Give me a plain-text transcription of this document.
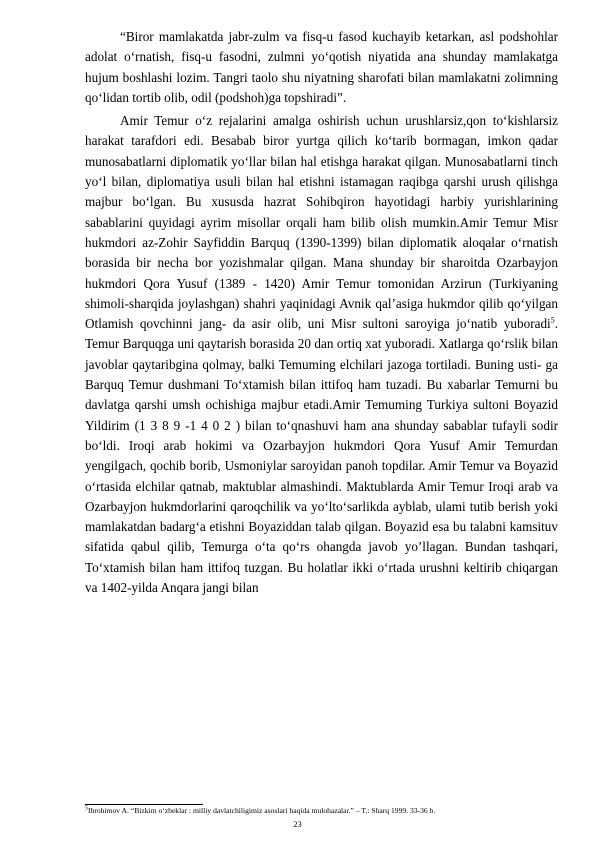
“Biror mamlakatda jabr-zulm va fisq-u fasod kuchayib ketarkan, asl podshohlar adolat o‘rnatish, fisq-u fasodni, zulmni yo‘qotish niyatida ana shunday mamlakatga hujum boshlashi lozim. Tangri taolo shu niyatning sharofati bilan mamlakatni zolimning qo‘lidan tortib olib, odil (podshoh)ga topshiradi”.

Amir Temur o‘z rejalarini amalga oshirish uchun urushlarsiz,qon to‘kishlarsiz harakat tarafdori edi. Besabab biror yurtga qilich ko‘tarib bormagan, imkon qadar munosabatlarni diplomatik yo‘llar bilan hal etishga harakat qilgan. Munosabatlarni tinch yo‘l bilan, diplomatiya usuli bilan hal etishni istamagan raqibga qarshi urush qilishga majbur bo‘lgan. Bu xususda hazrat Sohibqiron hayotidagi harbiy yurishlarining sabablarini quyidagi ayrim misollar orqali ham bilib olish mumkin.Amir Temur Misr hukmdori az-Zohir Sayfiddin Barquq (1390-1399) bilan diplomatik aloqalar o‘rnatish borasida bir necha bor yozishmalar qilgan. Mana shunday bir sharoitda Ozarbayjon hukmdori Qora Yusuf (1389 - 1420) Amir Temur tomonidan Arzirun (Turkiyaning shimoli-sharqida joylashgan) shahri yaqinidagi Avnik qal’asiga hukmdor qilib qo‘yilgan Otlamish qovchinni jang- da asir olib, uni Misr sultoni saroyiga jo‘natib yuboradi$^5$. Temur Barquqga uni qaytarish borasida 20 dan ortiq xat yuboradi. Xatlarga qo‘rslik bilan javoblar qaytaribgina qolmay, balki Temuming elchilari jazoga tortiladi. Buning usti- ga Barquq Temur dushmani To‘xtamish bilan ittifoq ham tuzadi. Bu xabarlar Temurni bu davlatga qarshi umsh ochishiga majbur etadi.Amir Temuming Turkiya sultoni Boyazid Yildirim (1 3 8 9 -1 4 0 2 ) bilan to‘qnashuvi ham ana shunday sabablar tufayli sodir bo‘ldi. Iroqi arab hokimi va Ozarbayjon hukmdori Qora Yusuf Amir Temurdan yengilgach, qochib borib, Usmoniylar saroyidan panoh topdilar. Amir Temur va Boyazid o‘rtasida elchilar qatnab, maktublar almashindi. Maktublarda Amir Temur Iroqi arab va Ozarbayjon hukmdorlarini qaroqchilik va yo‘lto‘sarlikda ayblab, ulami tutib berish yoki mamlakatdan badarg‘a etishni Boyaziddan talab qilgan. Boyazid esa bu talabni kamsituv sifatida qabul qilib, Temurga o‘ta qo‘rs ohangda javob yo’llagan. Bundan tashqari, To‘xtamish bilan ham ittifoq tuzgan. Bu holatlar ikki o‘rtada urushni keltirib chiqargan va 1402-yilda Anqara jangi bilan

$^5$Ibrohimov A. “Bizkim o‘zbeklar : milliy davlatchiligimiz asoslari haqida mulohazalar.” – T.: Sharq 1999. 33-36 b.
23
